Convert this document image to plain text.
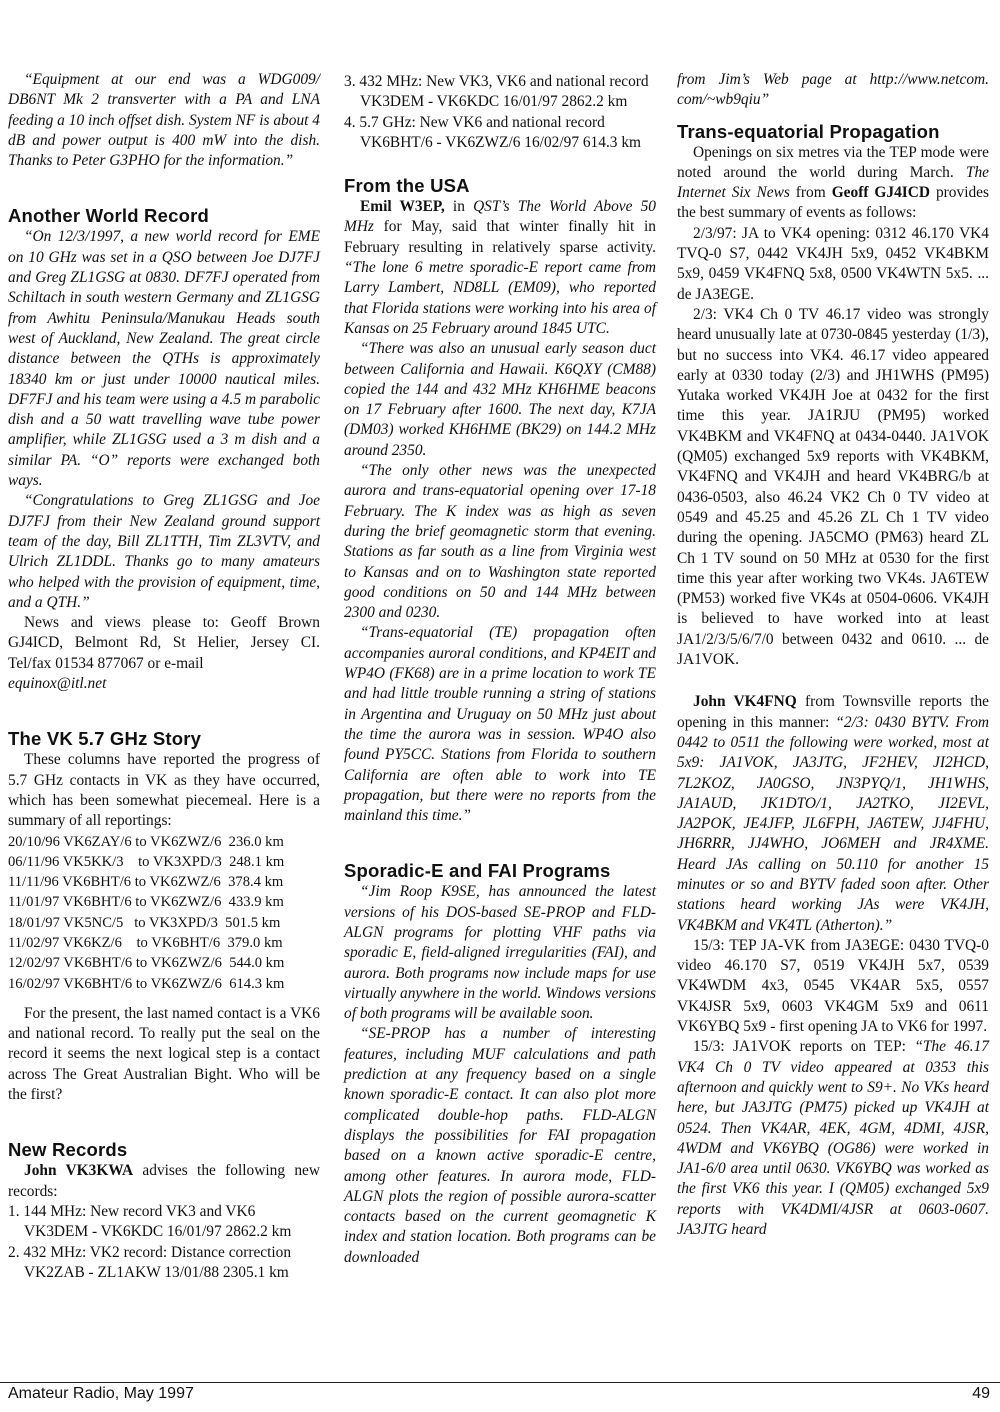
“Equipment at our end was a WDG009/ DB6NT Mk 2 transverter with a PA and LNA feeding a 10 inch offset dish. System NF is about 4 dB and power output is 400 mW into the dish. Thanks to Peter G3PHO for the information.”

Another World Record

“On 12/3/1997, a new world record for EME on 10 GHz was set in a QSO between Joe DJ7FJ and Greg ZL1GSG at 0830. DF7FJ operated from Schiltach in south western Germany and ZL1GSG from Awhitu Peninsula/Manukau Heads south west of Auckland, New Zealand. The great circle distance between the QTHs is approximately 18340 km or just under 10000 nautical miles. DF7FJ and his team were using a 4.5 m parabolic dish and a 50 watt travelling wave tube power amplifier, while ZL1GSG used a 3 m dish and a similar PA. “O” reports were exchanged both ways.

“Congratulations to Greg ZL1GSG and Joe DJ7FJ from their New Zealand ground support team of the day, Bill ZL1TTH, Tim ZL3VTV, and Ulrich ZL1DDL. Thanks go to many amateurs who helped with the provision of equipment, time, and a QTH.”

News and views please to: Geoff Brown GJ4ICD, Belmont Rd, St Helier, Jersey CI. Tel/fax 01534 877067 or e-mail

equinox@itl.net

The VK 5.7 GHz Story

These columns have reported the progress of 5.7 GHz contacts in VK as they have occurred, which has been somewhat piecemeal. Here is a summary of all reportings:

20/10/96 VK6ZAY/6 to VK6ZWZ/6  236.0 km
06/11/96 VK5KK/3    to VK3XPD/3  248.1 km
11/11/96 VK6BHT/6 to VK6ZWZ/6  378.4 km
11/01/97 VK6BHT/6 to VK6ZWZ/6  433.9 km
18/01/97 VK5NC/5   to VK3XPD/3  501.5 km
11/02/97 VK6KZ/6    to VK6BHT/6  379.0 km
12/02/97 VK6BHT/6 to VK6ZWZ/6  544.0 km
16/02/97 VK6BHT/6 to VK6ZWZ/6  614.3 km

For the present, the last named contact is a VK6 and national record. To really put the seal on the record it seems the next logical step is a contact across The Great Australian Bight. Who will be the first?

New Records

John VK3KWA advises the following new records:

1. 144 MHz: New record VK3 and VK6
VK3DEM - VK6KDC 16/01/97 2862.2 km
2. 432 MHz: VK2 record: Distance correction
VK2ZAB - ZL1AKW 13/01/88 2305.1 km
3. 432 MHz: New VK3, VK6 and national record
VK3DEM - VK6KDC 16/01/97 2862.2 km
4. 5.7 GHz: New VK6 and national record
VK6BHT/6 - VK6ZWZ/6 16/02/97 614.3 km
From the USA

Emil W3EP, in QST’s The World Above 50 MHz for May, said that winter finally hit in February resulting in relatively sparse activity. “The lone 6 metre sporadic-E report came from Larry Lambert, ND8LL (EM09), who reported that Florida stations were working into his area of Kansas on 25 February around 1845 UTC.

“There was also an unusual early season duct between California and Hawaii. K6QXY (CM88) copied the 144 and 432 MHz KH6HME beacons on 17 February after 1600. The next day, K7JA (DM03) worked KH6HME (BK29) on 144.2 MHz around 2350.

“The only other news was the unexpected aurora and trans-equatorial opening over 17-18 February. The K index was as high as seven during the brief geomagnetic storm that evening. Stations as far south as a line from Virginia west to Kansas and on to Washington state reported good conditions on 50 and 144 MHz between 2300 and 0230.

“Trans-equatorial (TE) propagation often accompanies auroral conditions, and KP4EIT and WP4O (FK68) are in a prime location to work TE and had little trouble running a string of stations in Argentina and Uruguay on 50 MHz just about the time the aurora was in session. WP4O also found PY5CC. Stations from Florida to southern California are often able to work into TE propagation, but there were no reports from the mainland this time.”

Sporadic-E and FAI Programs

“Jim Roop K9SE, has announced the latest versions of his DOS-based SE-PROP and FLD-ALGN programs for plotting VHF paths via sporadic E, field-aligned irregularities (FAI), and aurora. Both programs now include maps for use virtually anywhere in the world. Windows versions of both programs will be available soon.

“SE-PROP has a number of interesting features, including MUF calculations and path prediction at any frequency based on a single known sporadic-E contact. It can also plot more complicated double-hop paths. FLD-ALGN displays the possibilities for FAI propagation based on a known active sporadic-E centre, among other features. In aurora mode, FLD-ALGN plots the region of possible aurora-scatter contacts based on the current geomagnetic K index and station location. Both programs can be downloaded

from Jim’s Web page at http://www.netcom. com/~wb9qiu”

Trans-equatorial Propagation

Openings on six metres via the TEP mode were noted around the world during March. The Internet Six News from Geoff GJ4ICD provides the best summary of events as follows:

2/3/97: JA to VK4 opening: 0312 46.170 VK4 TVQ-0 S7, 0442 VK4JH 5x9, 0452 VK4BKM 5x9, 0459 VK4FNQ 5x8, 0500 VK4WTN 5x5. ... de JA3EGE.

2/3: VK4 Ch 0 TV 46.17 video was strongly heard unusually late at 0730-0845 yesterday (1/3), but no success into VK4. 46.17 video appeared early at 0330 today (2/3) and JH1WHS (PM95) Yutaka worked VK4JH Joe at 0432 for the first time this year. JA1RJU (PM95) worked VK4BKM and VK4FNQ at 0434-0440. JA1VOK (QM05) exchanged 5x9 reports with VK4BKM, VK4FNQ and VK4JH and heard VK4BRG/b at 0436-0503, also 46.24 VK2 Ch 0 TV video at 0549 and 45.25 and 45.26 ZL Ch 1 TV video during the opening. JA5CMO (PM63) heard ZL Ch 1 TV sound on 50 MHz at 0530 for the first time this year after working two VK4s. JA6TEW (PM53) worked five VK4s at 0504-0606. VK4JH is believed to have worked into at least JA1/2/3/5/6/7/0 between 0432 and 0610. ... de JA1VOK.

John VK4FNQ from Townsville reports the opening in this manner: “2/3: 0430 BYTV. From 0442 to 0511 the following were worked, most at 5x9: JA1VOK, JA3JTG, JF2HEV, JI2HCD, 7L2KOZ, JA0GSO, JN3PYQ/1, JH1WHS, JA1AUD, JK1DTO/1, JA2TKO, JI2EVL, JA2POK, JE4JFP, JL6FPH, JA6TEW, JJ4FHU, JH6RRR, JJ4WHO, JO6MEH and JR4XME. Heard JAs calling on 50.110 for another 15 minutes or so and BYTV faded soon after. Other stations heard working JAs were VK4JH, VK4BKM and VK4TL (Atherton).”

15/3: TEP JA-VK from JA3EGE: 0430 TVQ-0 video 46.170 S7, 0519 VK4JH 5x7, 0539 VK4WDM 4x3, 0545 VK4AR 5x5, 0557 VK4JSR 5x9, 0603 VK4GM 5x9 and 0611 VK6YBQ 5x9 - first opening JA to VK6 for 1997.

15/3: JA1VOK reports on TEP: “The 46.17 VK4 Ch 0 TV video appeared at 0353 this afternoon and quickly went to S9+. No VKs heard here, but JA3JTG (PM75) picked up VK4JH at 0524. Then VK4AR, 4EK, 4GM, 4DMI, 4JSR, 4WDM and VK6YBQ (OG86) were worked in JA1-6/0 area until 0630. VK6YBQ was worked as the first VK6 this year. I (QM05) exchanged 5x9 reports with VK4DMI/4JSR at 0603-0607. JA3JTG heard

Amateur Radio, May 1997	49
